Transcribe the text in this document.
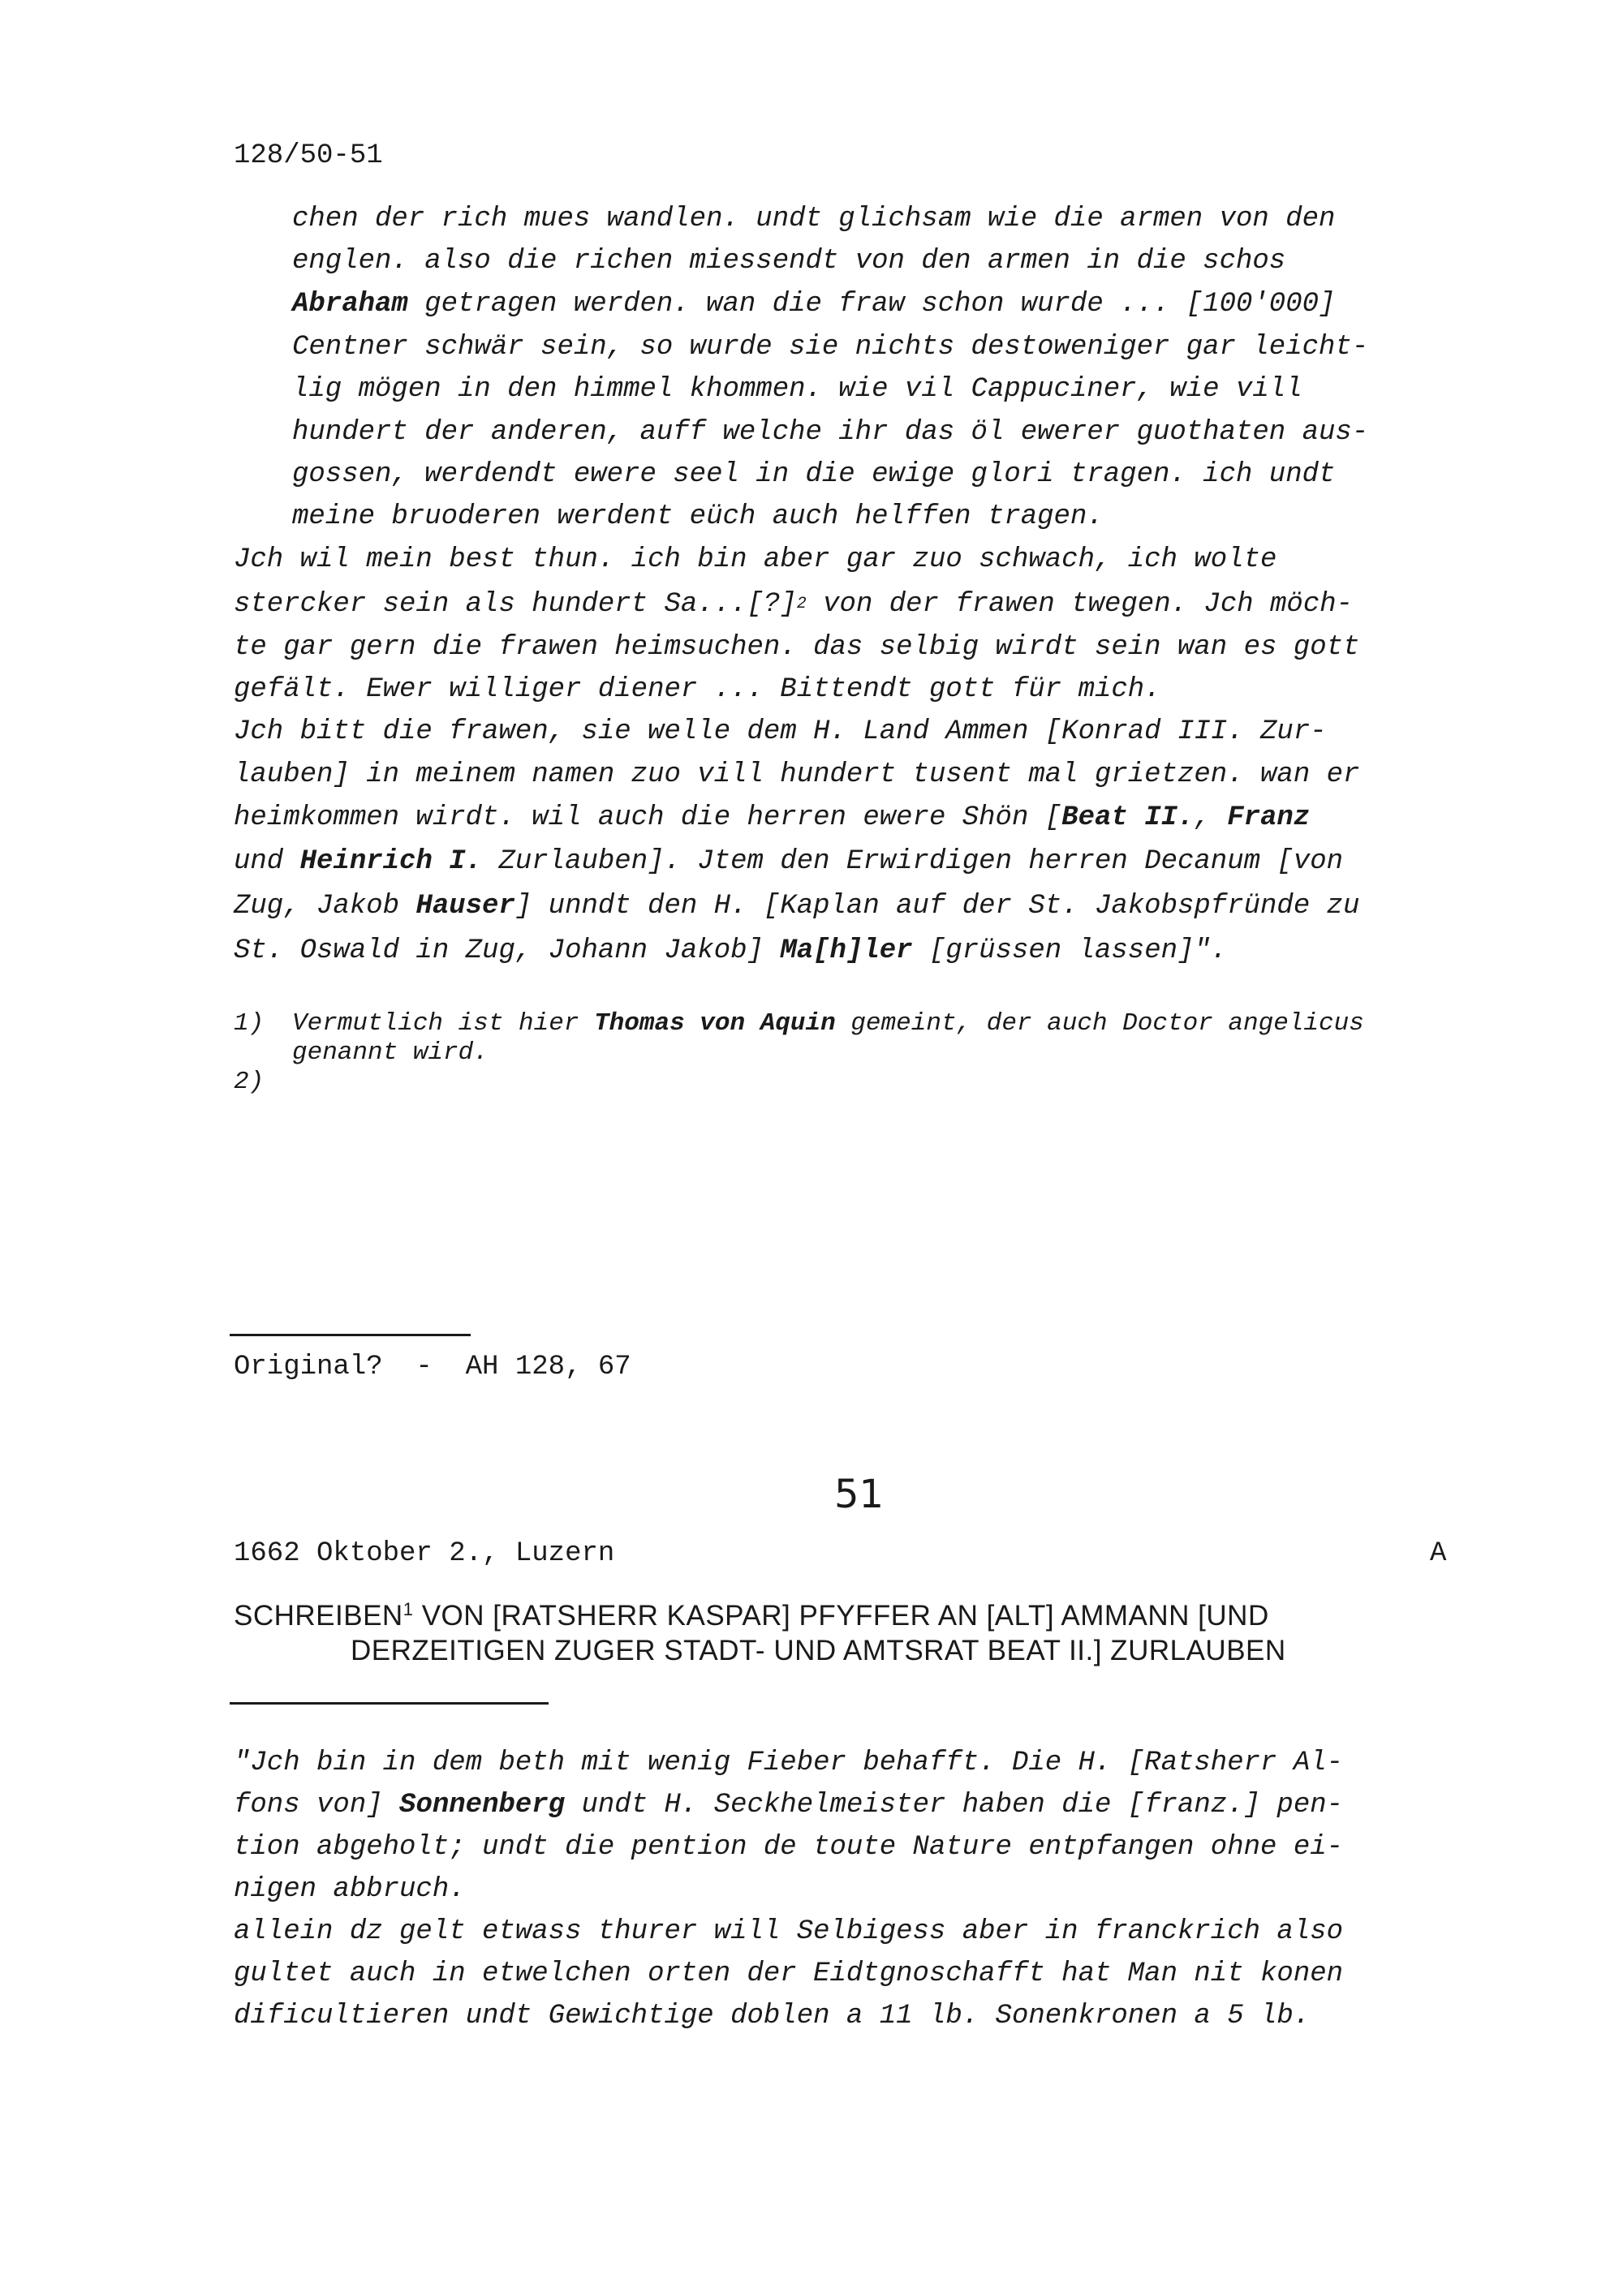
128/50-51
chen der rich mues wandlen. undt glichsam wie die armen von den
englen. also die richen miessendt von den armen in die schos
Abraham getragen werden. wan die fraw schon wurde ... [100'000]
Centner schwär sein, so wurde sie nichts destoweniger gar leicht-
lig mögen in den himmel khommen. wie vil Cappuciner, wie vill
hundert der anderen, auff welche ihr das öl ewerer guothaten aus-
gossen, werdendt ewere seel in die ewige glori tragen. ich undt
meine bruoderen werdent eüch auch helffen tragen.
Jch wil mein best thun. ich bin aber gar zuo schwach, ich wolte
stercker sein als hundert Sa...[?]$^2$ von der frawen twegen. Jch möch-
te gar gern die frawen heimsuchen. das selbig wirdt sein wan es gott
gefält. Ewer williger diener ... Bittendt gott für mich.
Jch bitt die frawen, sie welle dem H. Land Ammen [Konrad III. Zur-
lauben] in meinem namen zuo vill hundert tusent mal grietzen. wan er
heimkommen wirdt. wil auch die herren ewere Shön [Beat II., Franz
und Heinrich I. Zurlauben]. Jtem den Erwirdigen herren Decanum [von
Zug, Jakob Hauser] unndt den H. [Kaplan auf der St. Jakobspfründe zu
St. Oswald in Zug, Johann Jakob] Ma[h]ler [grüssen lassen]".
1) Vermutlich ist hier Thomas von Aquin gemeint, der auch Doctor angelicus
genannt wird.
2)
Original?  -  AH 128, 67
51
1662 Oktober 2., Luzern	A
SCHREIBEN$^1$ VON [RATSHERR KASPAR] PFYFFER AN [ALT] AMMANN [UND
DERZEITIGEN ZUGER STADT- UND AMTSRAT BEAT II.] ZURLAUBEN
"Jch bin in dem beth mit wenig Fieber behafft. Die H. [Ratsherr Al-
fons von] Sonnenberg undt H. Seckhelmeister haben die [franz.] pen-
tion abgeholt; undt die pention de toute Nature entpfangen ohne ei-
nigen abbruch.
allein dz gelt etwass thurer will Selbigess aber in franckrich also
gultet auch in etwelchen orten der Eidtgnoschafft hat Man nit konen
dificultieren undt Gewichtige doblen a 11 lb. Sonenkronen a 5 lb.
